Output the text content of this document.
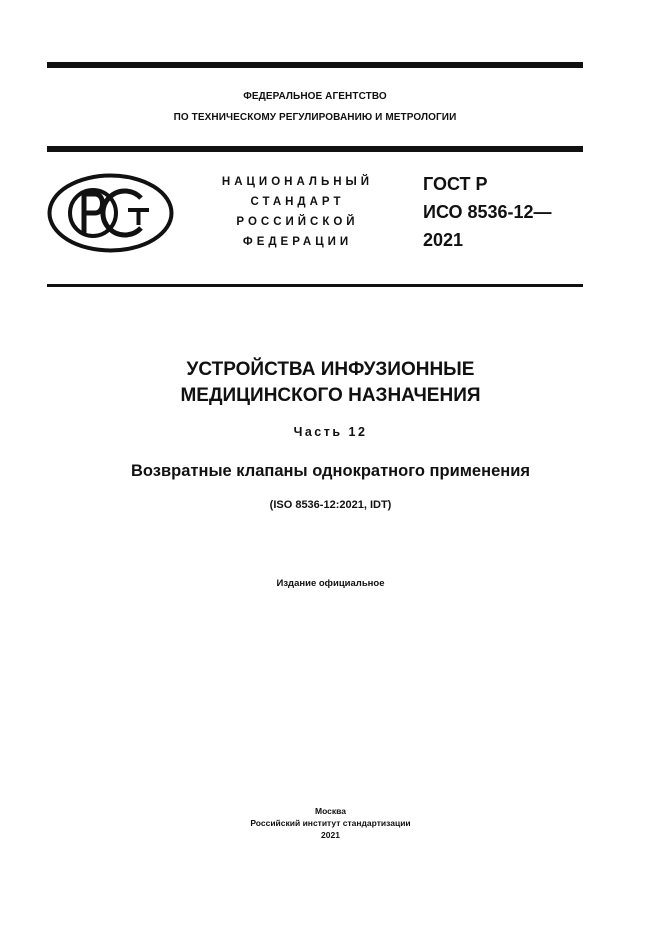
ФЕДЕРАЛЬНОЕ АГЕНТСТВО
ПО ТЕХНИЧЕСКОМУ РЕГУЛИРОВАНИЮ И МЕТРОЛОГИИ
НАЦИОНАЛЬНЫЙ
СТАНДАРТ
РОССИЙСКОЙ
ФЕДЕРАЦИИ
ГОСТ Р
ИСО 8536-12—
2021
УСТРОЙСТВА ИНФУЗИОННЫЕ
МЕДИЦИНСКОГО НАЗНАЧЕНИЯ
Часть 12
Возвратные клапаны однократного применения
(ISO 8536-12:2021, IDT)
Издание официальное
Москва
Российский институт стандартизации
2021
